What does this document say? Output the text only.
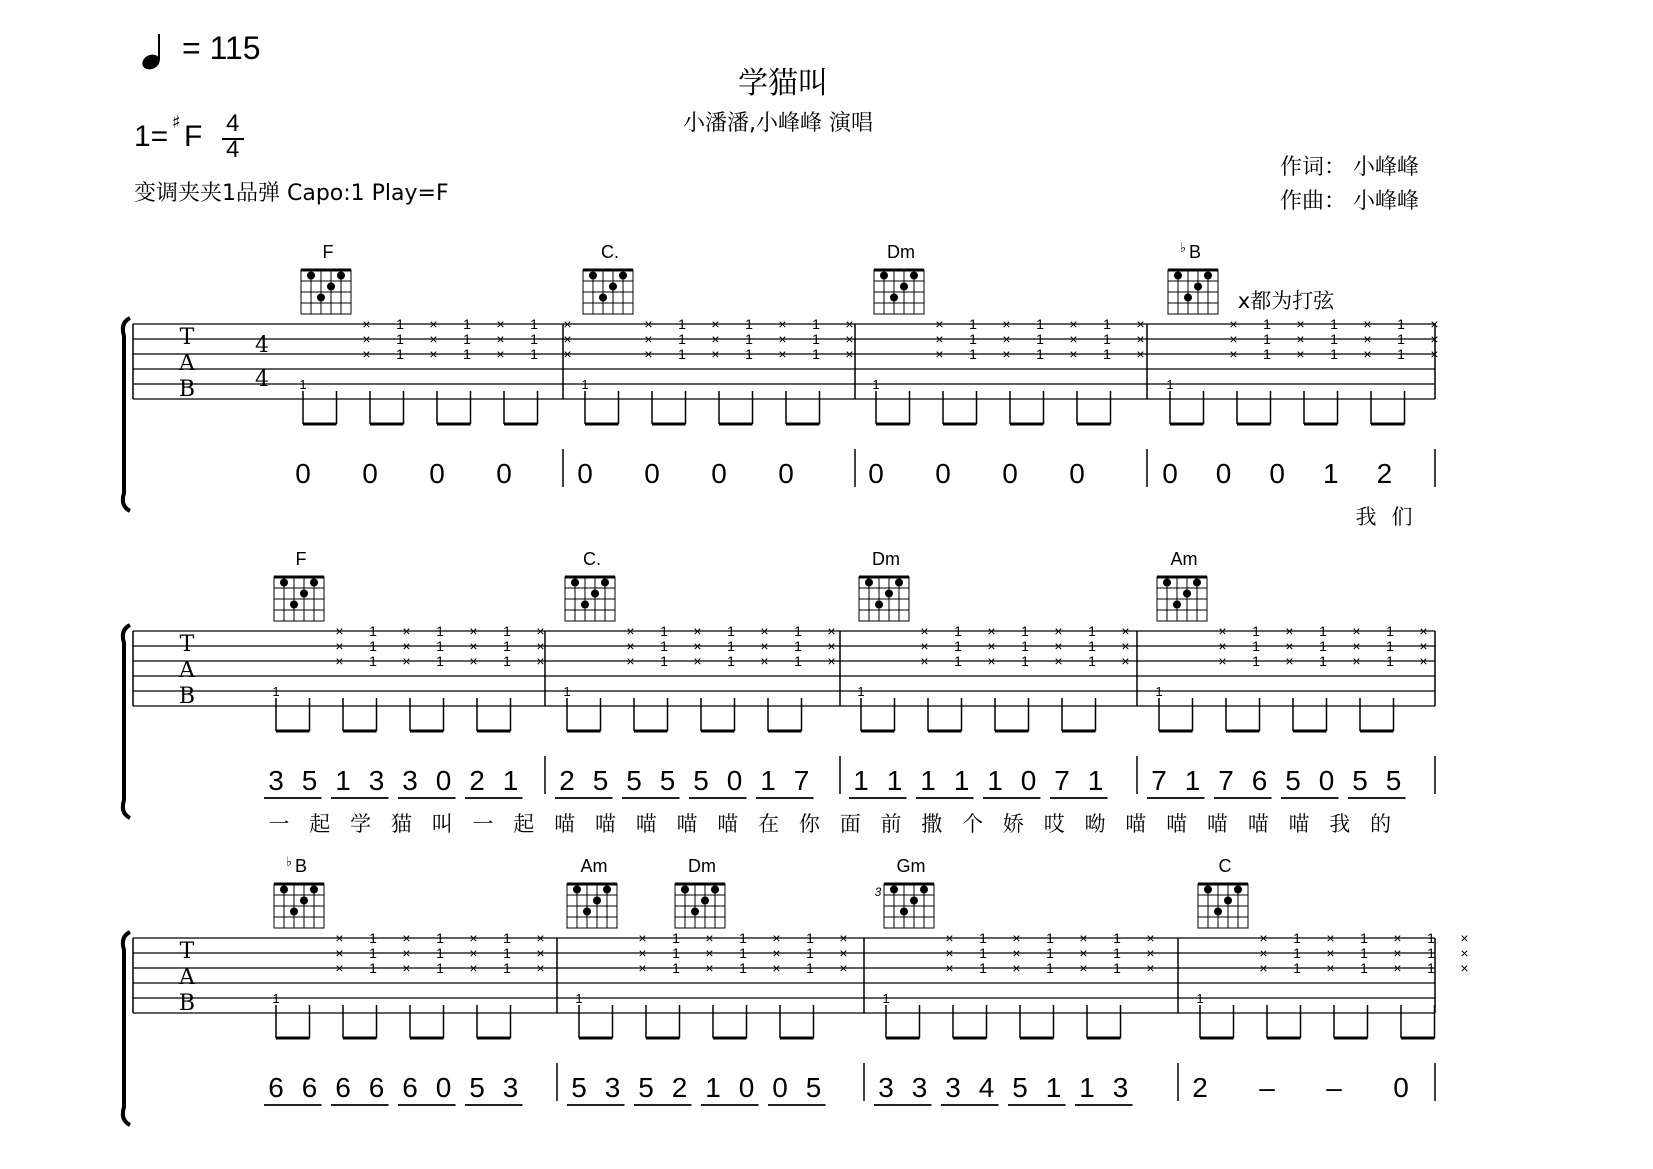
= 115
学猫叫
小潘潘,小峰峰 演唱
1= ♯ F 4
4
变调夹夹1品弹 Capo:1 Play=F
作词： 小峰峰
作曲： 小峰峰
T
A
B
4
4
F
1
×
×
×
1
1
1
×
×
×
1
1
1
×
×
×
1
1
1
×
×
×
0 0 0 0
C.
1
×
×
×
1
1
1
×
×
×
1
1
1
×
×
×
1
1
1
×
×
×
0 0 0 0
Dm
1
×
×
×
1
1
1
×
×
×
1
1
1
×
×
×
1
1
1
×
×
×
0 0 0 0
B
♭
1
×
×
×
1
1
1
×
×
×
1
1
1
×
×
×
1
1
1
×
×
×
0 0 0 1 2
我 们
T
A
B
F
1
×
×
×
1
1
1
×
×
×
1
1
1
×
×
×
1
1
1
×
×
×
3 5 1 3 3 0 2 1
C.
1
×
×
×
1
1
1
×
×
×
1
1
1
×
×
×
1
1
1
×
×
×
2 5 5 5 5 0 1 7
Dm
1
×
×
×
1
1
1
×
×
×
1
1
1
×
×
×
1
1
1
×
×
×
1 1 1 1 1 0 7 1
Am
1
×
×
×
1
1
1
×
×
×
1
1
1
×
×
×
1
1
1
×
×
×
7 1 7 6 5 0 5 5
一 起 学 猫 叫 一 起 喵 喵 喵 喵 喵 在 你 面 前 撒 个 娇 哎 呦 喵 喵 喵 喵 喵 我 的
T
A
B
B
♭
1
×
×
×
1
1
1
×
×
×
1
1
1
×
×
×
1
1
1
×
×
×
6 6 6 6 6 0 5 3
Am	Dm
1
×
×
×
1
1
1
×
×
×
1
1
1
×
×
×
1
1
1
×
×
×
5 3 5 2 1 0 0 5
Gm
3
1
×
×
×
1
1
1
×
×
×
1
1
1
×
×
×
1
1
1
×
×
×
3 3 3 4 5 1 1 3
C
1
×
×
×
1
1
1
×
×
×
1
1
1
×
×
×
1
1
1
×
×
×
2 – – 0
x都为打弦
